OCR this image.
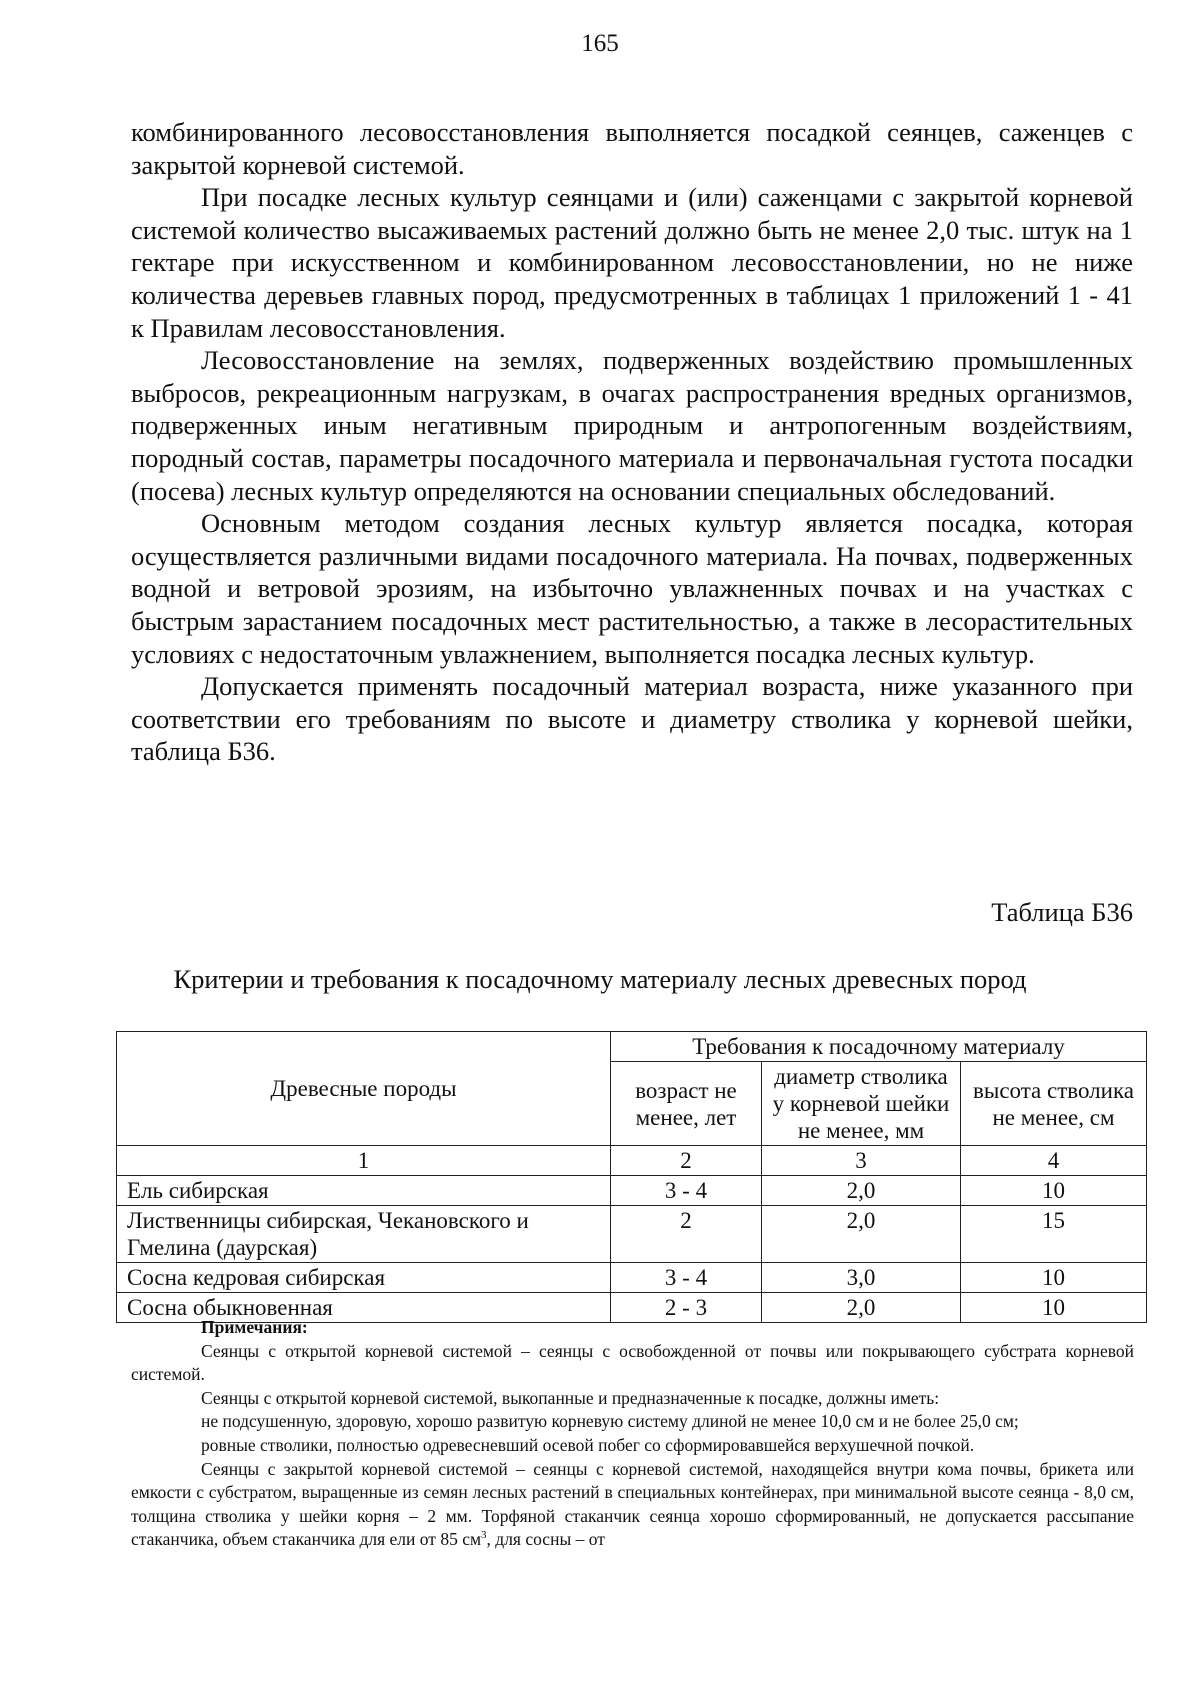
165

комбинированного лесовосстановления выполняется посадкой сеянцев, саженцев с закрытой корневой системой.

При посадке лесных культур сеянцами и (или) саженцами с закрытой корневой системой количество высаживаемых растений должно быть не менее 2,0 тыс. штук на 1 гектаре при искусственном и комбинированном лесовосстановлении, но не ниже количества деревьев главных пород, предусмотренных в таблицах 1 приложений 1 - 41 к Правилам лесовосстановления.

Лесовосстановление на землях, подверженных воздействию промышленных выбросов, рекреационным нагрузкам, в очагах распространения вредных организмов, подверженных иным негативным природным и антропогенным воздействиям, породный состав, параметры посадочного материала и первоначальная густота посадки (посева) лесных культур определяются на основании специальных обследований.

Основным методом создания лесных культур является посадка, которая осуществляется различными видами посадочного материала. На почвах, подверженных водной и ветровой эрозиям, на избыточно увлажненных почвах и на участках с быстрым зарастанием посадочных мест растительностью, а также в лесорастительных условиях с недостаточным увлажнением, выполняется посадка лесных культур.

Допускается применять посадочный материал возраста, ниже указанного при соответствии его требованиям по высоте и диаметру стволика у корневой шейки, таблица Б36.

Таблица Б36
Критерии и требования к посадочному материалу лесных древесных пород
Древесные породы	Требования к посадочному материалу		
	возраст не менее, лет	диаметр стволика у корневой шейки не менее, мм	высота стволика не менее, см
1	2	3	4
Ель сибирская	3 - 4	2,0	10
Лиственницы сибирская, Чекановского и Гмелина (даурская)	2	2,0	15
Сосна кедровая сибирская	3 - 4	3,0	10
Сосна обыкновенная	2 - 3	2,0	10

Примечания:

Сеянцы с открытой корневой системой – сеянцы с освобожденной от почвы или покрывающего субстрата корневой системой.

Сеянцы с открытой корневой системой, выкопанные и предназначенные к посадке, должны иметь:

не подсушенную, здоровую, хорошо развитую корневую систему длиной не менее 10,0 см и не более 25,0 см;

ровные стволики, полностью одревесневший осевой побег со сформировавшейся верхушечной почкой.

Сеянцы с закрытой корневой системой – сеянцы с корневой системой, находящейся внутри кома почвы, брикета или емкости с субстратом, выращенные из семян лесных растений в специальных контейнерах, при минимальной высоте сеянца - 8,0 см, толщина стволика у шейки корня – 2 мм. Торфяной стаканчик сеянца хорошо сформированный, не допускается рассыпание стаканчика, объем стаканчика для ели от 85 $см^3$, для сосны – от
